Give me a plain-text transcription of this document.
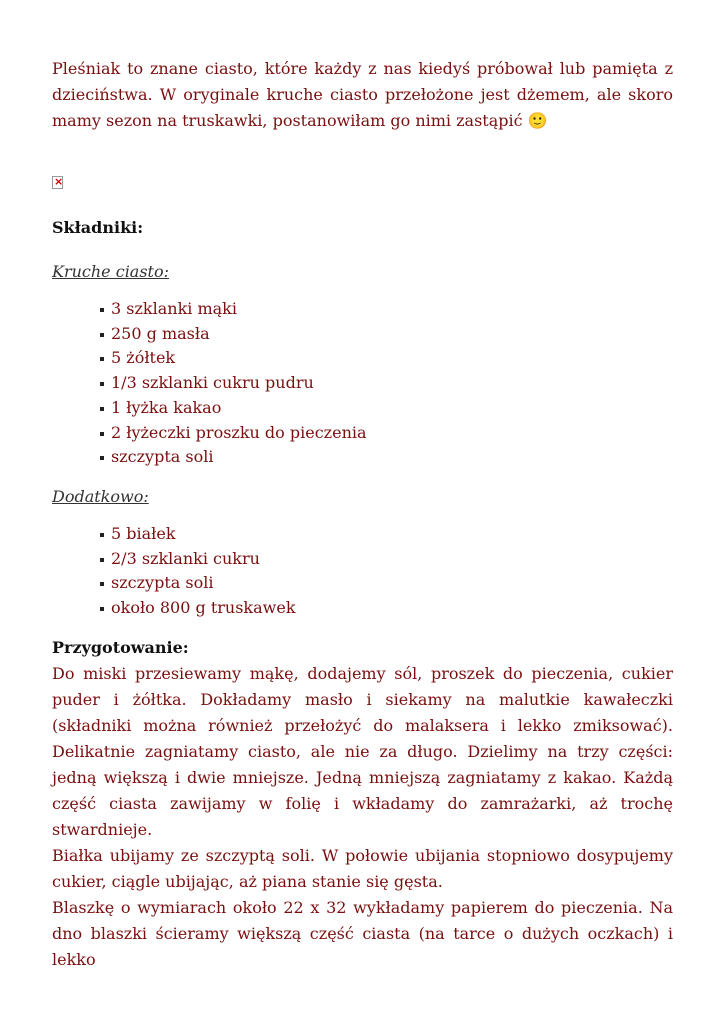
Pleśniak to znane ciasto, które każdy z nas kiedyś próbował lub pamięta z dzieciństwa. W oryginale kruche ciasto przełożone jest dżemem, ale skoro mamy sezon na truskawki, postanowiłam go nimi zastąpić 🙂

×
Składniki:
Kruche ciasto:
3 szklanki mąki
250 g masła
5 żółtek
1/3 szklanki cukru pudru
1 łyżka kakao
2 łyżeczki proszku do pieczenia
szczypta soli
Dodatkowo:
5 białek
2/3 szklanki cukru
szczypta soli
około 800 g truskawek
Przygotowanie:

Do miski przesiewamy mąkę, dodajemy sól, proszek do pieczenia, cukier puder i żółtka. Dokładamy masło i siekamy na malutkie kawałeczki (składniki można również przełożyć do malaksera i lekko zmiksować). Delikatnie zagniatamy ciasto, ale nie za długo. Dzielimy na trzy części: jedną większą i dwie mniejsze. Jedną mniejszą zagniatamy z kakao. Każdą część ciasta zawijamy w folię i wkładamy do zamrażarki, aż trochę stwardnieje.

Białka ubijamy ze szczyptą soli. W połowie ubijania stopniowo dosypujemy cukier, ciągle ubijając, aż piana stanie się gęsta.

Blaszkę o wymiarach około 22 x 32 wykładamy papierem do pieczenia. Na dno blaszki ścieramy większą część ciasta (na tarce o dużych oczkach) i lekko
